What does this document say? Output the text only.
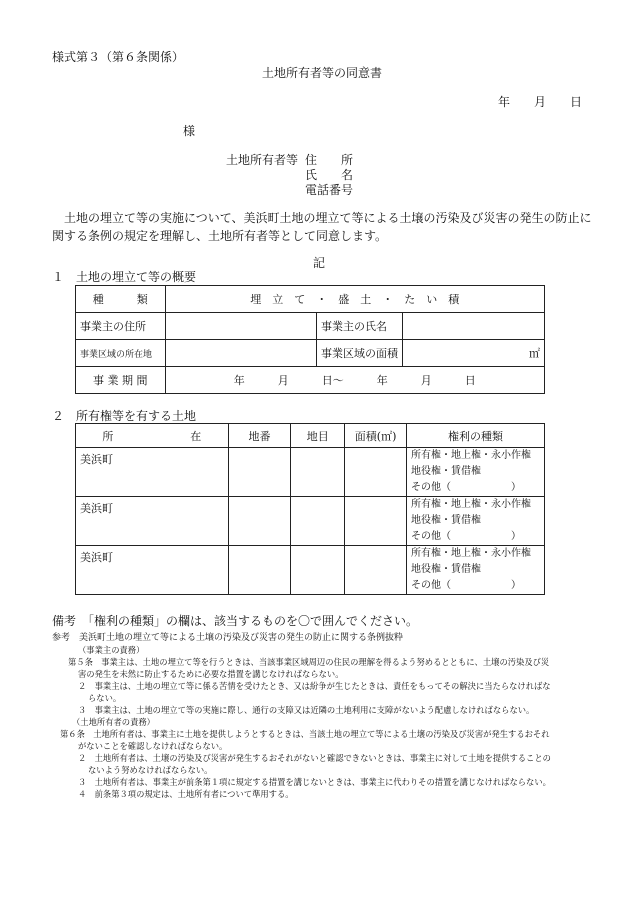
様式第３（第６条関係）
土地所有者等の同意書
年　　月　　日
様
土地所有者等 住　　所
氏　　名
電話番号
　土地の埋立て等の実施について、美浜町土地の埋立て等による土壌の汚染及び災害の発生の防止に
関する条例の規定を理解し、土地所有者等として同意します。
記
１　土地の埋立て等の概要
種　　　類	埋　立　て　・　盛　土　・　た　い　積		
事業主の住所		事業主の氏名	
事業区域の所在地		事業区域の面積	㎡
事 業 期 間	年　　　月　　　日～　　　年　　　月　　　日		
２　所有権等を有する土地
所　　　　　　　在	地番	地目	面積(㎡)	権利の種類
美浜町				所有権・地上権・永小作権
地役権・賃借権
その他（　　　　　　）

美浜町				所有権・地上権・永小作権
地役権・賃借権
その他（　　　　　　）

美浜町				所有権・地上権・永小作権
地役権・賃借権
その他（　　　　　　）
備考　「権利の種類」の欄は、該当するものを〇で囲んでください。
参考　美浜町土地の埋立て等による土壌の汚染及び災害の発生の防止に関する条例抜粋
（事業主の責務）
第５条　事業主は、土地の埋立て等を行うときは、当該事業区域周辺の住民の理解を得るよう努めるとともに、土壌の汚染及び災
害の発生を未然に防止するために必要な措置を講じなければならない。
２　事業主は、土地の埋立て等に係る苦情を受けたとき、又は紛争が生じたときは、責任をもってその解決に当たらなければな
らない。
３　事業主は、土地の埋立て等の実施に際し、通行の支障又は近隣の土地利用に支障がないよう配慮しなければならない。
（土地所有者の責務）
第６条　土地所有者は、事業主に土地を提供しようとするときは、当該土地の埋立て等による土壌の汚染及び災害が発生するおそれ
がないことを確認しなければならない。
２　土地所有者は、土壌の汚染及び災害が発生するおそれがないと確認できないときは、事業主に対して土地を提供することの
ないよう努めなければならない。
３　土地所有者は、事業主が前条第１項に規定する措置を講じないときは、事業主に代わりその措置を講じなければならない。
４　前条第３項の規定は、土地所有者について準用する。
